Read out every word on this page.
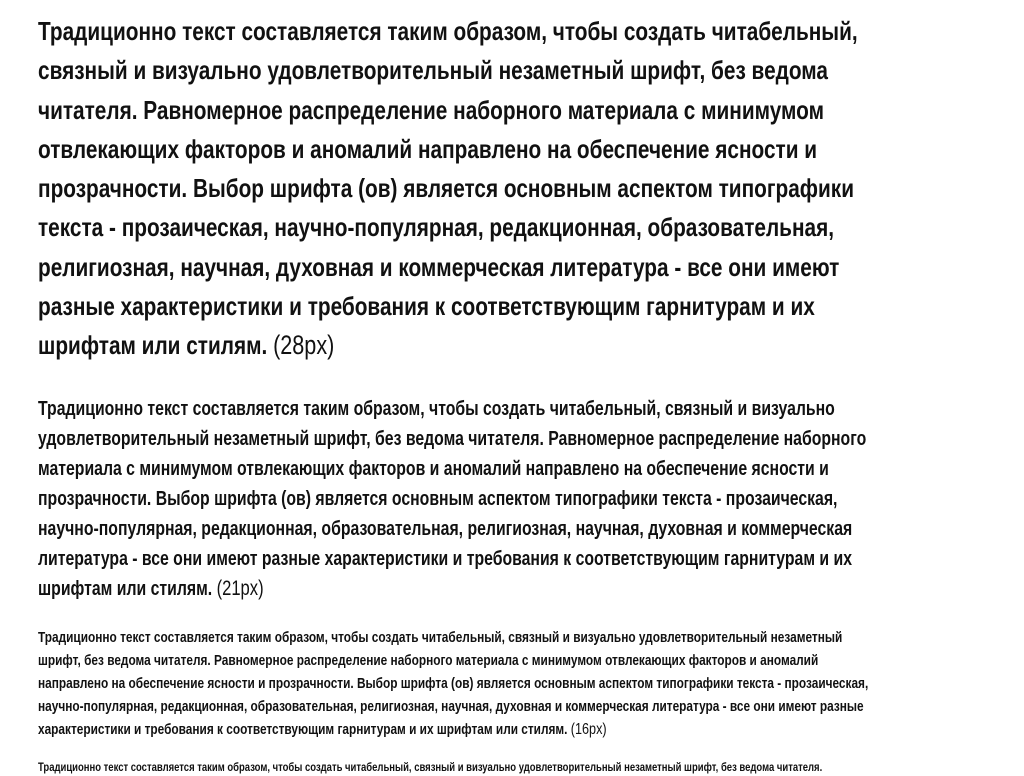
Традиционно текст составляется таким образом, чтобы создать читабельный,
связный и визуально удовлетворительный незаметный шрифт, без ведома
читателя. Равномерное распределение наборного материала с минимумом
отвлекающих факторов и аномалий направлено на обеспечение ясности и
прозрачности. Выбор шрифта (ов) является основным аспектом типографики
текста - прозаическая, научно-популярная, редакционная, образовательная,
религиозная, научная, духовная и коммерческая литература - все они имеют
разные характеристики и требования к соответствующим гарнитурам и их
шрифтам или стилям. (28px)
Традиционно текст составляется таким образом, чтобы создать читабельный, связный и визуально
удовлетворительный незаметный шрифт, без ведома читателя. Равномерное распределение наборного
материала с минимумом отвлекающих факторов и аномалий направлено на обеспечение ясности и
прозрачности. Выбор шрифта (ов) является основным аспектом типографики текста - прозаическая,
научно-популярная, редакционная, образовательная, религиозная, научная, духовная и коммерческая
литература - все они имеют разные характеристики и требования к соответствующим гарнитурам и их
шрифтам или стилям. (21px)
Традиционно текст составляется таким образом, чтобы создать читабельный, связный и визуально удовлетворительный незаметный
шрифт, без ведома читателя. Равномерное распределение наборного материала с минимумом отвлекающих факторов и аномалий
направлено на обеспечение ясности и прозрачности. Выбор шрифта (ов) является основным аспектом типографики текста - прозаическая,
научно-популярная, редакционная, образовательная, религиозная, научная, духовная и коммерческая литература - все они имеют разные
характеристики и требования к соответствующим гарнитурам и их шрифтам или стилям. (16px)
Традиционно текст составляется таким образом, чтобы создать читабельный, связный и визуально удовлетворительный незаметный шрифт, без ведома читателя.
